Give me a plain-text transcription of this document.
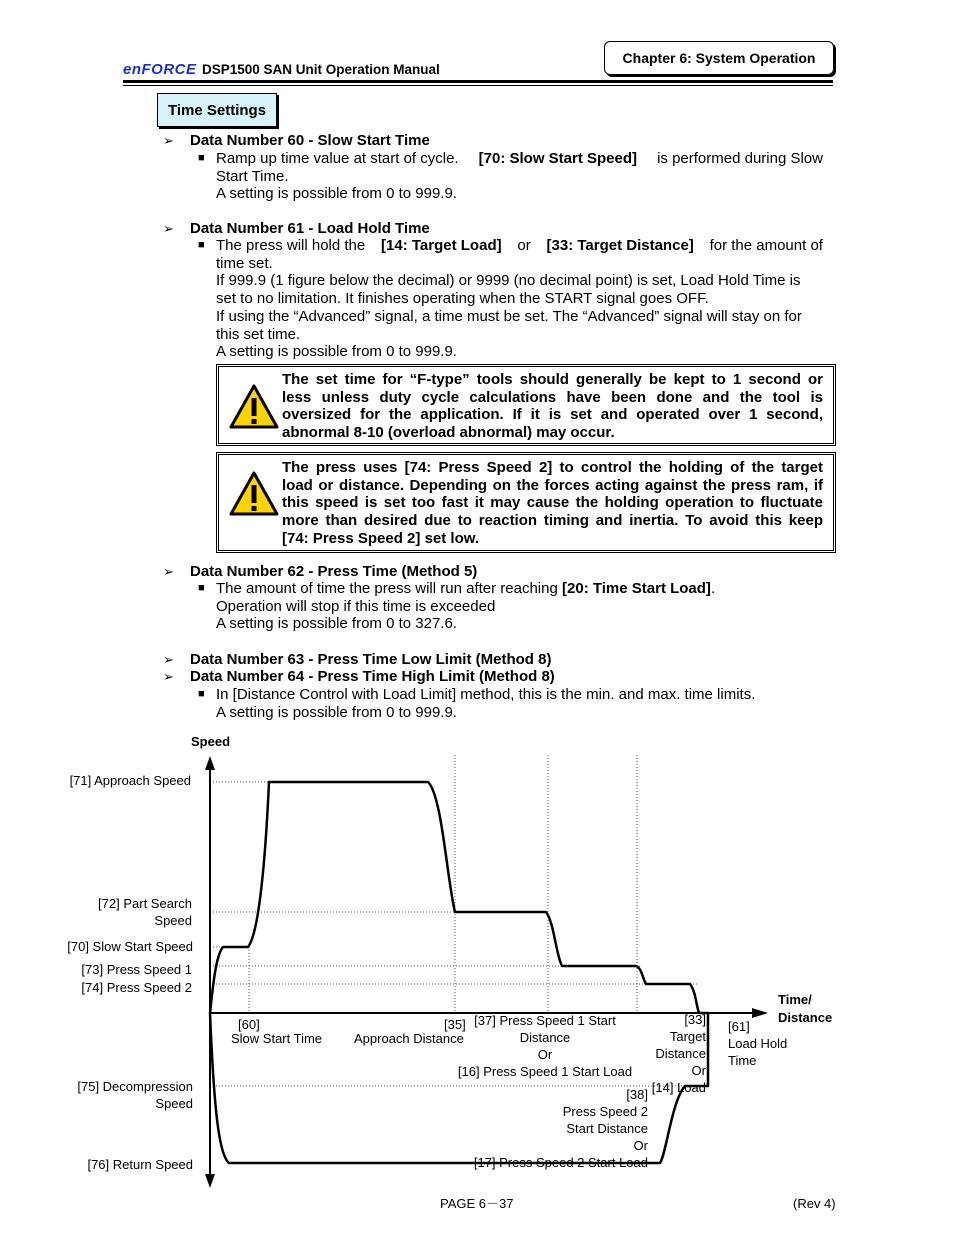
enFORCE DSP1500 SAN Unit Operation Manual
Chapter 6: System Operation
Time Settings
➢ Data Number 60 - Slow Start Time
■ Ramp up time value at start of cycle. [70: Slow Start Speed] is performed during Slow
Start Time.
A setting is possible from 0 to 999.9.
➢ Data Number 61 - Load Hold Time
■ The press will hold the [14: Target Load] or [33: Target Distance] for the amount of
time set.
If 999.9 (1 figure below the decimal) or 9999 (no decimal point) is set, Load Hold Time is
set to no limitation. It finishes operating when the START signal goes OFF.
If using the “Advanced” signal, a time must be set. The “Advanced” signal will stay on for
this set time.
A setting is possible from 0 to 999.9.
The set time for “F-type” tools should generally be kept to 1 second or
less unless duty cycle calculations have been done and the tool is
oversized for the application. If it is set and operated over 1 second,
abnormal 8-10 (overload abnormal) may occur.
The press uses [74: Press Speed 2] to control the holding of the target
load or distance. Depending on the forces acting against the press ram, if
this speed is set too fast it may cause the holding operation to fluctuate
more than desired due to reaction timing and inertia. To avoid this keep
[74: Press Speed 2] set low.
➢ Data Number 62 - Press Time (Method 5)
■ The amount of time the press will run after reaching [20: Time Start Load].
Operation will stop if this time is exceeded
A setting is possible from 0 to 327.6.
➢ Data Number 63 - Press Time Low Limit (Method 8)
➢ Data Number 64 - Press Time High Limit (Method 8)
■ In [Distance Control with Load Limit] method, this is the min. and max. time limits.
A setting is possible from 0 to 999.9.
Speed
Time/
Distance
[71] Approach Speed
[72] Part Search
Speed
[70] Slow Start Speed
[73] Press Speed 1
[74] Press Speed 2
[75] Decompression
Speed
[76] Return Speed
[60]
Slow Start Time
[35]
Approach Distance
[37] Press Speed 1 Start
Distance
Or
[16] Press Speed 1 Start Load
[33]
Target
Distance
Or
[14] Load
[61]
Load Hold
Time
[38]
Press Speed 2
Start Distance
Or
[17] Press Speed 2 Start Load
PAGE 6－37	(Rev 4)
